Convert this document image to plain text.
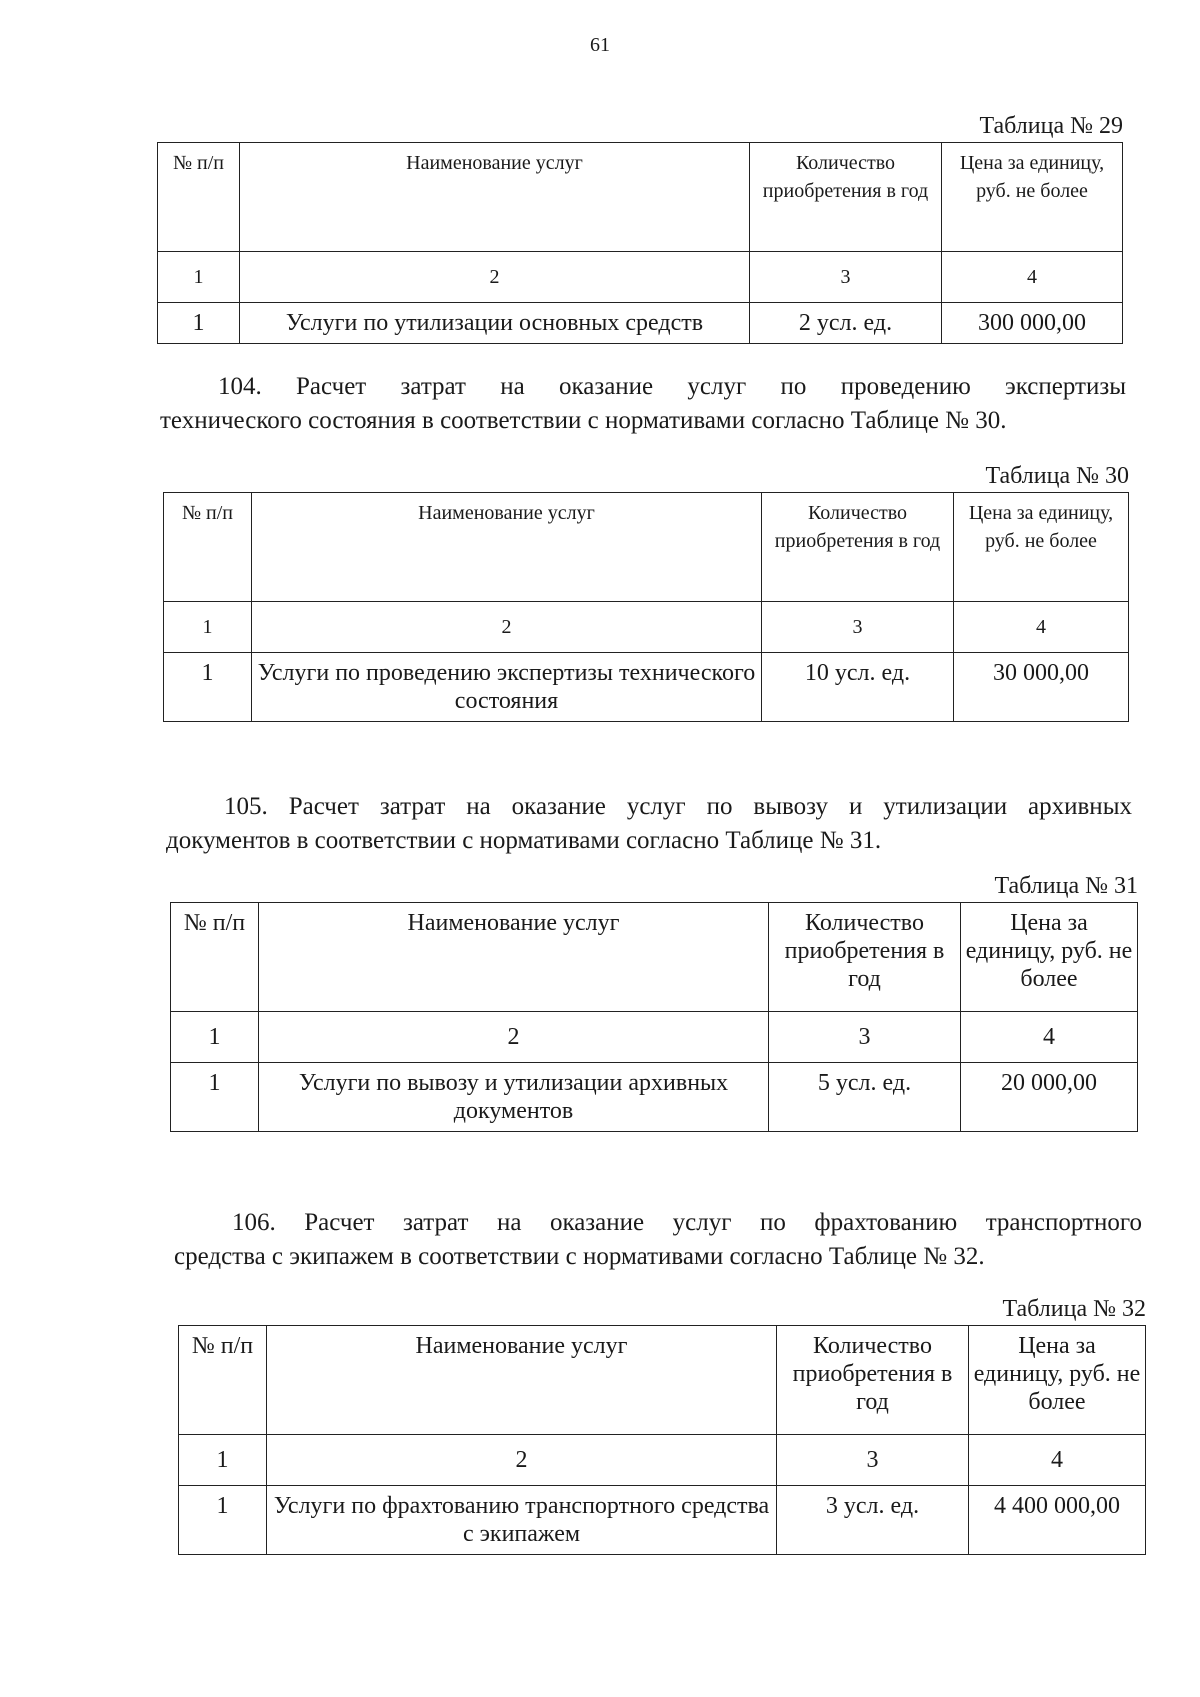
61
Таблица № 29
№ п/п	Наименование услуг	Количество приобретения в год	Цена за единицу, руб. не более
1	2	3	4
1	Услуги по утилизации основных средств	2 усл. ед.	300 000,00
104. Расчет затрат на оказание услуг по проведению экспертизы
технического состояния в соответствии с нормативами согласно Таблице № 30.
Таблица № 30
№ п/п	Наименование услуг	Количество приобретения в год	Цена за единицу, руб. не более
1	2	3	4
1	Услуги по проведению экспертизы технического состояния	10 усл. ед.	30 000,00
105. Расчет затрат на оказание услуг по вывозу и утилизации архивных
документов в соответствии с нормативами согласно Таблице № 31.
Таблица № 31
№ п/п	Наименование услуг	Количество приобретения в год	Цена за единицу, руб. не более
1	2	3	4
1	Услуги по вывозу и утилизации архивных документов	5 усл. ед.	20 000,00
106. Расчет затрат на оказание услуг по фрахтованию транспортного
средства с экипажем в соответствии с нормативами согласно Таблице № 32.
Таблица № 32
№ п/п	Наименование услуг	Количество приобретения в год	Цена за единицу, руб. не более
1	2	3	4
1	Услуги по фрахтованию транспортного средства с экипажем	3 усл. ед.	4 400 000,00
